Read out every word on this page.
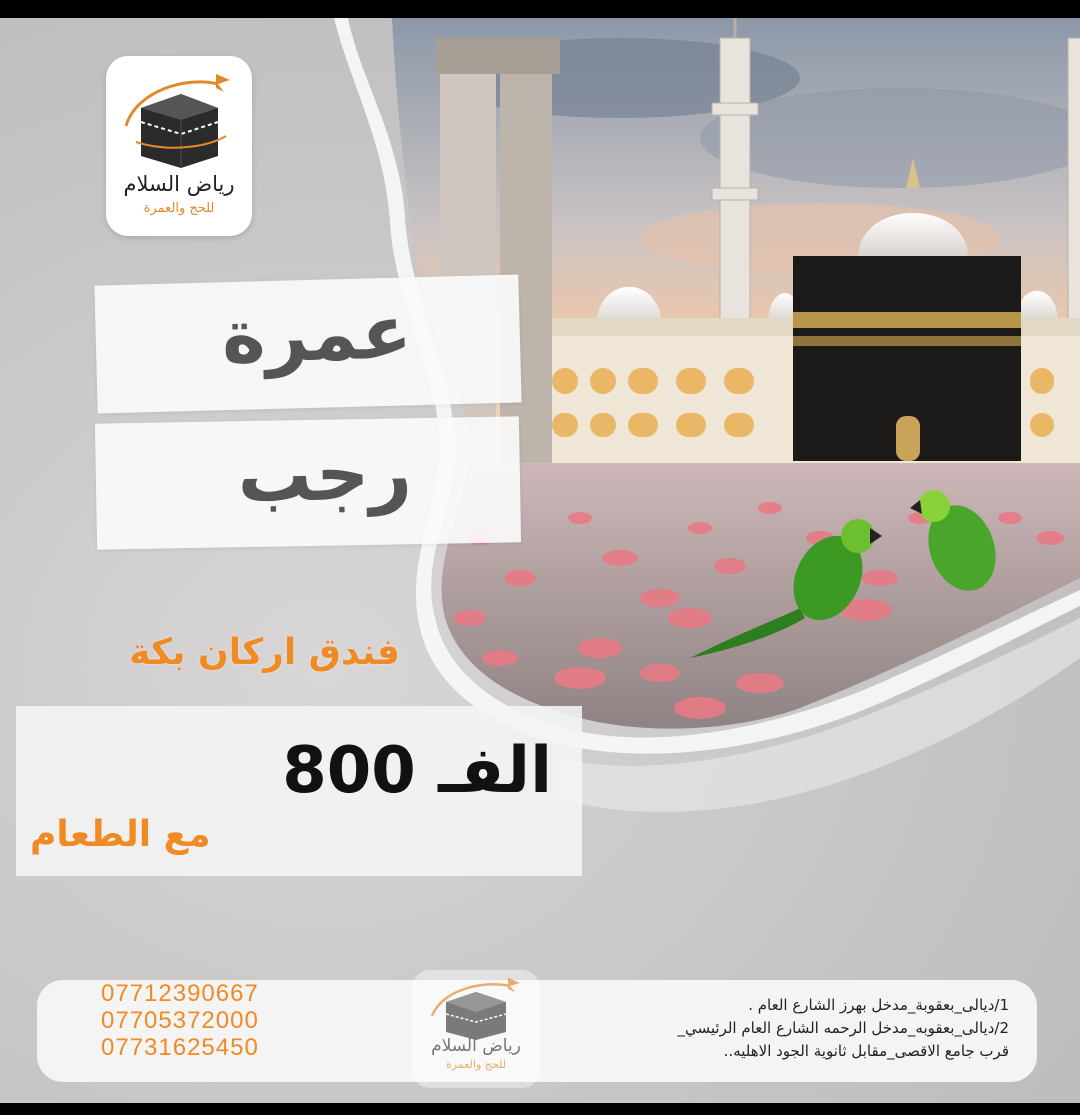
رياض السلام
للحج والعمرة
عمرة
رجب
فندق اركان بكة
800 الفـ
مع الطعام
07712390667
07705372000
07731625450	رياض السلام
للحج والعمرة
1/ديالى_بعقوبة_مدخل بهرز الشارع العام .
2/ديالى_بعقوبه_مدخل الرحمه الشارع العام الرئيسي_
قرب جامع الاقصى_مقابل ثانوية الجود الاهليه..
